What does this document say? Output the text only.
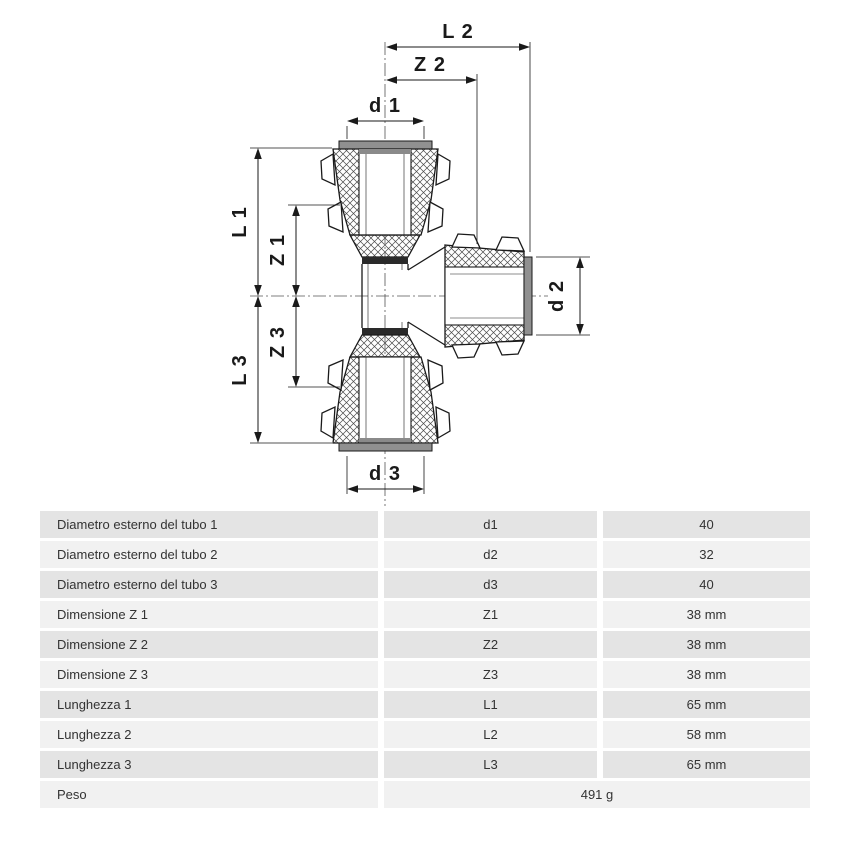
L 2
Z 2
d 1
L 1
Z 1
L 3
Z 3
d 3
d 2
Diametro esterno del tubo 1	d1	40
Diametro esterno del tubo 2	d2	32
Diametro esterno del tubo 3	d3	40
Dimensione Z 1	Z1	38 mm
Dimensione Z 2	Z2	38 mm
Dimensione Z 3	Z3	38 mm
Lunghezza 1	L1	65 mm
Lunghezza 2	L2	58 mm
Lunghezza 3	L3	65 mm
Peso	491 g
